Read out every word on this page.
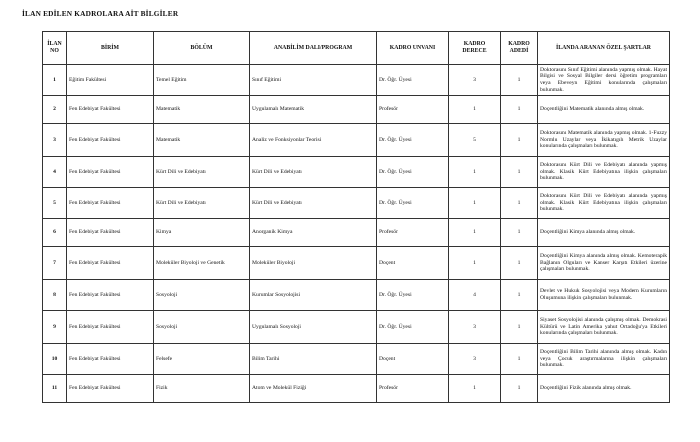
İLAN EDİLEN KADROLARA AİT BİLGİLER
İLAN NO	BİRİM	BÖLÜM	ANABİLİM DALI/PROGRAM	KADRO UNVANI	KADRO DERECE	KADRO ADEDİ	İLANDA ARANAN ÖZEL ŞARTLAR
1	Eğitim Fakültesi	Temel Eğitim	Sınıf Eğitimi	Dr. Öğr. Üyesi	3	1	Doktorasını Sınıf Eğitimi alanında yapmış olmak. Hayat Bilgisi ve Sosyal Bilgiler dersi öğretim programları veya Ebeveyn Eğitimi konularında çalışmaları bulunmak.
2	Fen Edebiyat Fakültesi	Matematik	Uygulamalı Matematik	Profesör	1	1	Doçentliğini Matematik alanında almış olmak.
3	Fen Edebiyat Fakültesi	Matematik	Analiz ve Fonksiyonlar Teorisi	Dr. Öğr. Üyesi	5	1	Doktorasını Matematik alanında yapmış olmak. 1-Fuzzy Normlu Uzaylar veya İkikatıgılı Metrik Uzaylar konularında çalışmaları bulunmak.
4	Fen Edebiyat Fakültesi	Kürt Dili ve Edebiyatı	Kürt Dili ve Edebiyatı	Dr. Öğr. Üyesi	1	1	Doktorasını Kürt Dili ve Edebiyatı alanında yapmış olmak. Klasik Kürt Edebiyatına ilişkin çalışmaları bulunmak.
5	Fen Edebiyat Fakültesi	Kürt Dili ve Edebiyatı	Kürt Dili ve Edebiyatı	Dr. Öğr. Üyesi	1	1	Doktorasını Kürt Dili ve Edebiyatı alanında yapmış olmak. Klasik Kürt Edebiyatına ilişkin çalışmaları bulunmak.
6	Fen Edebiyat Fakültesi	Kimya	Anorganik Kimya	Profesör	1	1	Doçentliğini Kimya alanında almış olmak.
7	Fen Edebiyat Fakültesi	Moleküler Biyoloji ve Genetik	Moleküler Biyoloji	Doçent	1	1	Doçentliğini Kimya alanında almış olmak. Kemoterapik Bağlanın Olguları ve Kanser Karşıtı Etkileri üzerine çalışmaları bulunmak.
8	Fen Edebiyat Fakültesi	Sosyoloji	Kurumlar Sosyolojisi	Dr. Öğr. Üyesi	4	1	Devlet ve Hukuk Sosyolojisi veya Modern Kurumların Oluşumuna ilişkin çalışmaları bulunmak.
9	Fen Edebiyat Fakültesi	Sosyoloji	Uygulamalı Sosyoloji	Dr. Öğr. Üyesi	3	1	Siyaset Sosyolojisi alanında çalışmış olmak. Demokrasi Kültürü ve Latin Amerika yahut Ortadoğu'ya Etkileri konularında çalışmaları bulunmak.
10	Fen Edebiyat Fakültesi	Felsefe	Bilim Tarihi	Doçent	3	1	Doçentliğini Bilim Tarihi alanında almış olmak. Kadın veya Çocuk araştırmalarına ilişkin çalışmaları bulunmak.
11	Fen Edebiyat Fakültesi	Fizik	Atom ve Molekül Fiziği	Profesör	1	1	Doçentliğini Fizik alanında almış olmak.
